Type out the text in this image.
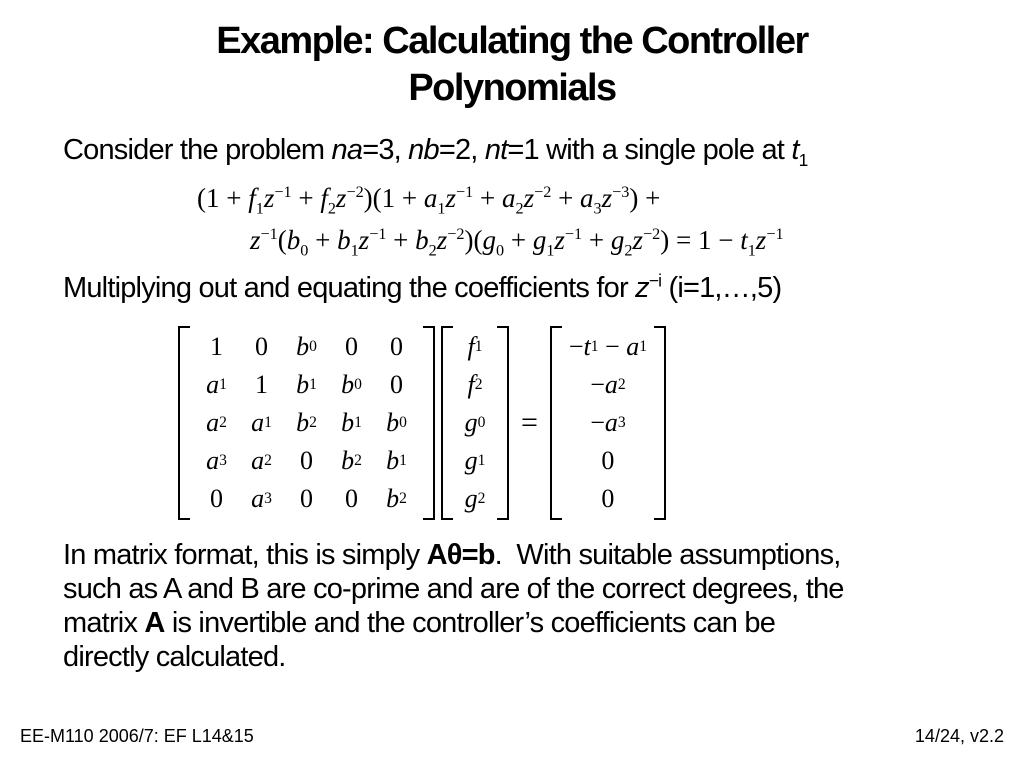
Example: Calculating the Controller
Polynomials
Consider the problem na=3, nb=2, nt=1 with a single pole at $t_1$
$(1 + f_1z^{-1} + f_2z^{-2})(1 + a_1z^{-1} + a_2z^{-2} + a_3z^{-3})$ +
$z^{-1}(b_0 + b_1z^{-1} + b_2z^{-2})(g_0 + g_1z^{-1} + g_2z^{-2}) = 1 - t_1z^{-1}$
Multiplying out and equating the coefficients for $z^{-i}$ (i=1,…,5)
1 0 b 0 0 0
a 1 1 b 1 b 0 0
a 2 a 1 b 2 b 1 b 0
a 3 a 2 0 b 2 b 1
0 a 3 0 0 b 2
f 1
f 2
g 0
g 1
g 2
=
− t 1 − a 1
− a 2
− a 3
0
0
In matrix format, this is simply Aθ=b.  With suitable assumptions,
such as A and B are co-prime and are of the correct degrees, the
matrix A is invertible and the controller’s coefficients can be
directly calculated.
EE-M110 2006/7: EF L14&15	14/24, v2.2
